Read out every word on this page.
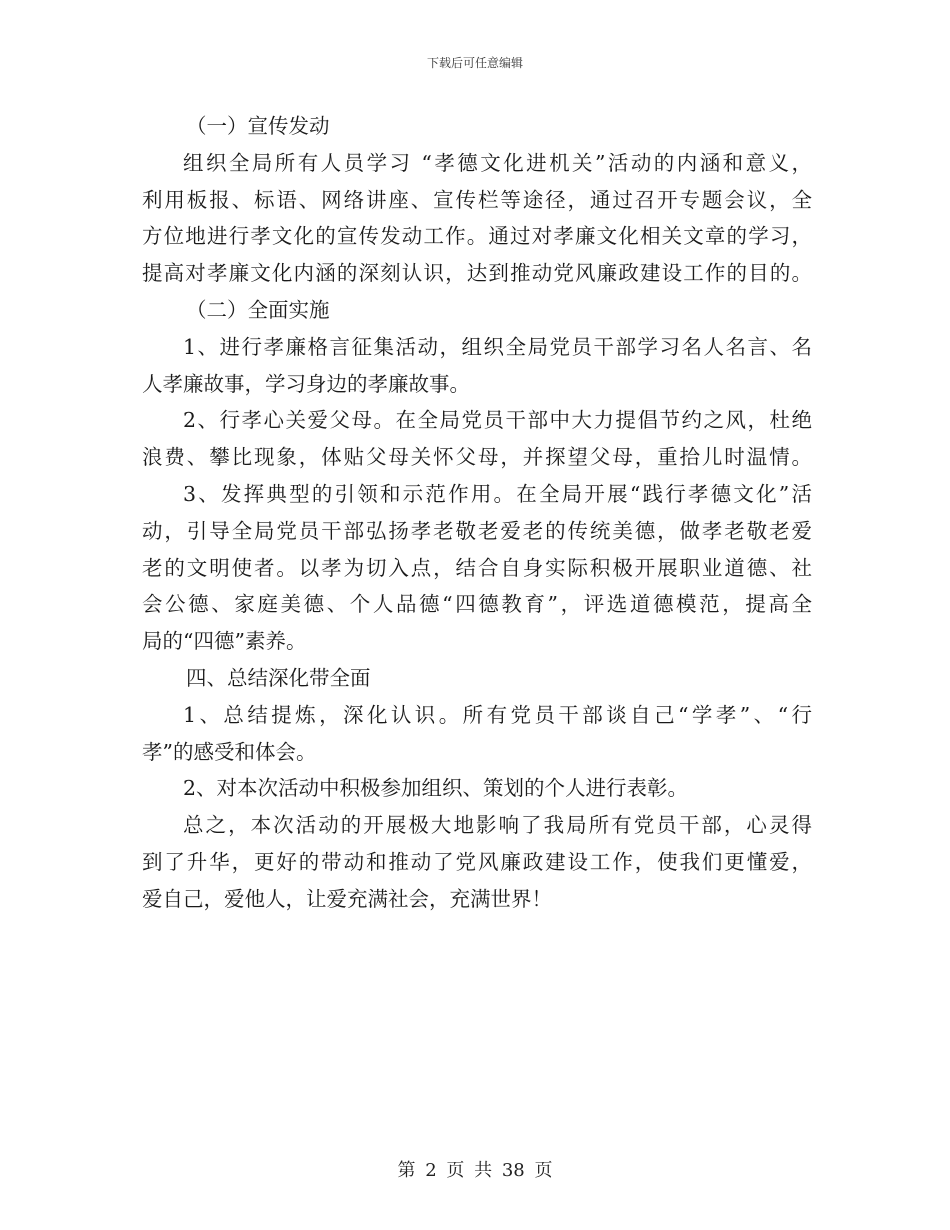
下载后可任意编辑
（一）宣传发动
组织全局所有人员学习 “孝德文化进机关”活动的内涵和意义，
利用板报、标语、网络讲座、宣传栏等途径，通过召开专题会议，全
方位地进行孝文化的宣传发动工作。通过对孝廉文化相关文章的学习，
提高对孝廉文化内涵的深刻认识，达到推动党风廉政建设工作的目的。
（二）全面实施
1、进行孝廉格言征集活动，组织全局党员干部学习名人名言、名
人孝廉故事，学习身边的孝廉故事。
2、行孝心关爱父母。在全局党员干部中大力提倡节约之风，杜绝
浪费、攀比现象，体贴父母关怀父母，并探望父母，重拾儿时温情。
3、发挥典型的引领和示范作用。在全局开展“践行孝德文化”活
动，引导全局党员干部弘扬孝老敬老爱老的传统美德，做孝老敬老爱
老的文明使者。以孝为切入点，结合自身实际积极开展职业道德、社
会公德、家庭美德、个人品德“四德教育”，评选道德模范，提高全
局的“四德”素养。
四、总结深化带全面
1、总结提炼，深化认识。所有党员干部谈自己“学孝”、“行
孝”的感受和体会。
2、对本次活动中积极参加组织、策划的个人进行表彰。
总之，本次活动的开展极大地影响了我局所有党员干部，心灵得
到了升华，更好的带动和推动了党风廉政建设工作，使我们更懂爱，
爱自己，爱他人，让爱充满社会，充满世界！
第 2 页 共 38 页
